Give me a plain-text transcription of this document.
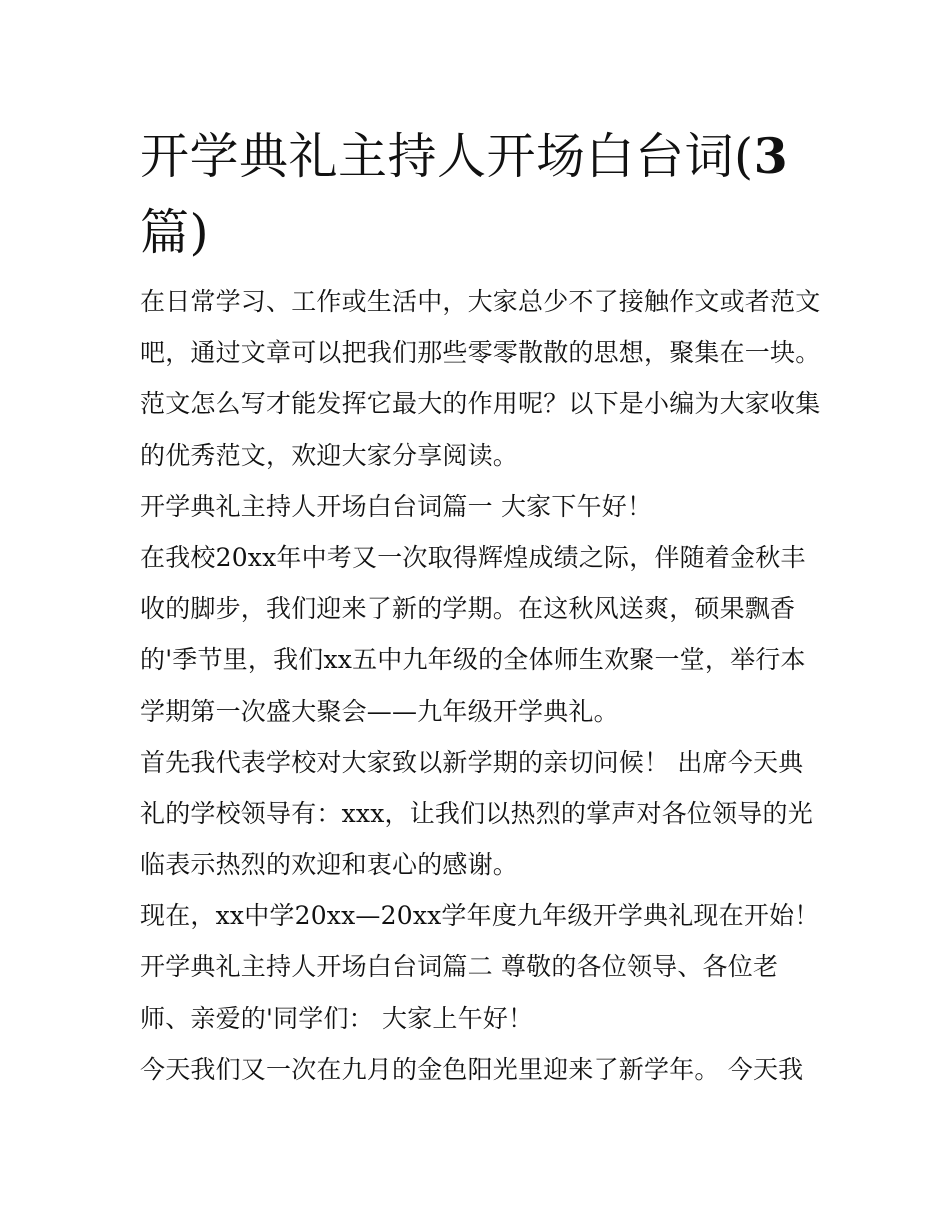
开学典礼主持人开场白台词(3
篇)
在日常学习、工作或生活中，大家总少不了接触作文或者范文
吧，通过文章可以把我们那些零零散散的思想，聚集在一块。
范文怎么写才能发挥它最大的作用呢？以下是小编为大家收集
的优秀范文，欢迎大家分享阅读。
开学典礼主持人开场白台词篇一 大家下午好！
在我校20xx年中考又一次取得辉煌成绩之际，伴随着金秋丰
收的脚步，我们迎来了新的学期。在这秋风送爽，硕果飘香
的'季节里，我们xx五中九年级的全体师生欢聚一堂，举行本
学期第一次盛大聚会——九年级开学典礼。
首先我代表学校对大家致以新学期的亲切问候！ 出席今天典
礼的学校领导有：xxx，让我们以热烈的掌声对各位领导的光
临表示热烈的欢迎和衷心的感谢。
现在，xx中学20xx—20xx学年度九年级开学典礼现在开始！
开学典礼主持人开场白台词篇二 尊敬的各位领导、各位老
师、亲爱的'同学们： 大家上午好！
今天我们又一次在九月的金色阳光里迎来了新学年。 今天我
